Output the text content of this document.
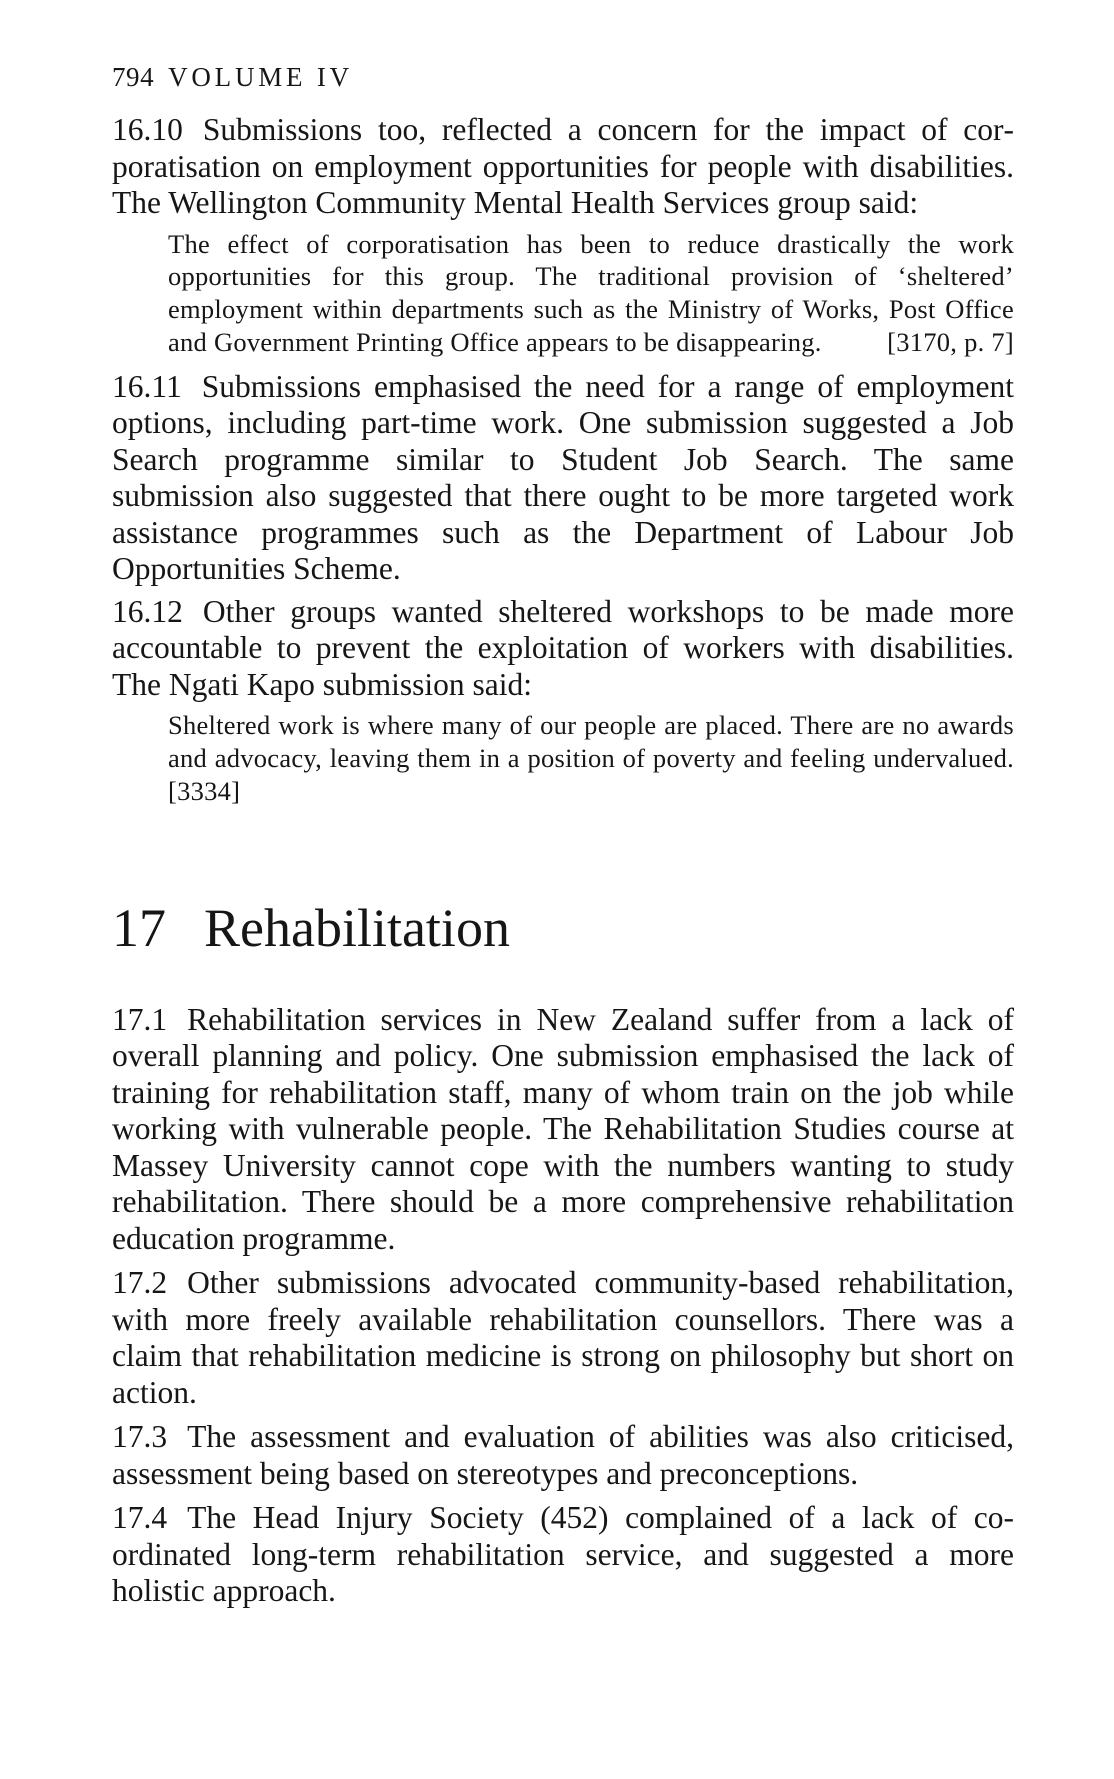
794 VOLUME IV

16.10 Submissions too, reflected a concern for the impact of corporatisation on employment opportunities for people with disabilities. The Wellington Community Mental Health Services group said:

The effect of corporatisation has been to reduce drastically the work opportunities for this group. The traditional provision of ‘sheltered’ employment within departments such as the Ministry of Works, Post Office and Government Printing Office appears to be disappearing. [3170, p. 7]

16.11 Submissions emphasised the need for a range of employment options, including part-time work. One submission suggested a Job Search programme similar to Student Job Search. The same submission also suggested that there ought to be more targeted work assistance programmes such as the Department of Labour Job Opportunities Scheme.

16.12 Other groups wanted sheltered workshops to be made more accountable to prevent the exploitation of workers with disabilities. The Ngati Kapo submission said:

Sheltered work is where many of our people are placed. There are no awards and advocacy, leaving them in a position of poverty and feeling undervalued.[3334]
17 Rehabilitation

17.1 Rehabilitation services in New Zealand suffer from a lack of overall planning and policy. One submission emphasised the lack of training for rehabilitation staff, many of whom train on the job while working with vulnerable people. The Rehabilitation Studies course at Massey University cannot cope with the numbers wanting to study rehabilitation. There should be a more comprehensive rehabilitation education programme.

17.2 Other submissions advocated community-based rehabilitation, with more freely available rehabilitation counsellors. There was a claim that rehabilitation medicine is strong on philosophy but short on action.

17.3 The assessment and evaluation of abilities was also criticised, assessment being based on stereotypes and preconceptions.

17.4 The Head Injury Society (452) complained of a lack of coordinated long-term rehabilitation service, and suggested a more holistic approach.
